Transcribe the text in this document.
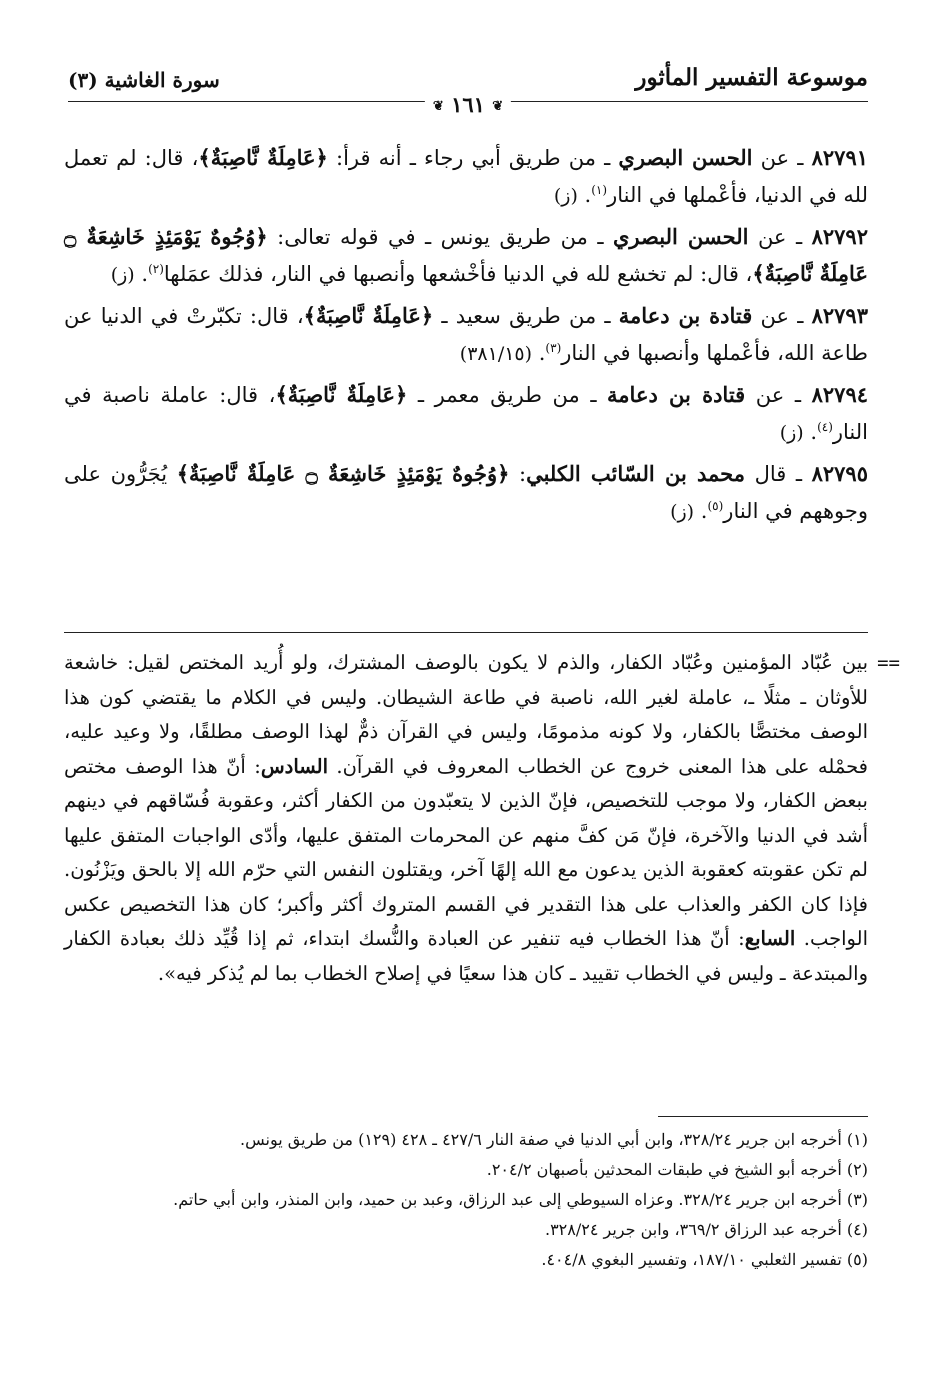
موسوعة التفسير المأثور
سورة الغاشية (٣)
❦ ١٦١ ❦

٨٢٧٩١ ـ عن الحسن البصري ـ من طريق أبي رجاء ـ أنه قرأ: ﴿عَامِلَةٌ نَّاصِبَةٌ﴾، قال: لم تعمل لله في الدنيا، فأعْملها في النار$^{(١)}$. (ز)

٨٢٧٩٢ ـ عن الحسن البصري ـ من طريق يونس ـ في قوله تعالى: ﴿وُجُوهٌ يَوْمَئِذٍ خَاشِعَةٌ ۝ عَامِلَةٌ نَّاصِبَةٌ﴾، قال: لم تخشع لله في الدنيا فأخْشعها وأنصبها في النار، فذلك عمَلها$^{(٢)}$. (ز)

٨٢٧٩٣ ـ عن قتادة بن دعامة ـ من طريق سعيد ـ ﴿عَامِلَةٌ نَّاصِبَةٌ﴾، قال: تكبّرتْ في الدنيا عن طاعة الله، فأعْملها وأنصبها في النار$^{(٣)}$. (٣٨١/١٥)

٨٢٧٩٤ ـ عن قتادة بن دعامة ـ من طريق معمر ـ ﴿عَامِلَةٌ نَّاصِبَةٌ﴾، قال: عاملة ناصبة في النار$^{(٤)}$. (ز)

٨٢٧٩٥ ـ قال محمد بن السّائب الكلبي: ﴿وُجُوهٌ يَوْمَئِذٍ خَاشِعَةٌ ۝ عَامِلَةٌ نَّاصِبَةٌ﴾ يُجَرُّون على وجوههم في النار$^{(٥)}$. (ز)

==
بين عُبّاد المؤمنين وعُبّاد الكفار، والذم لا يكون بالوصف المشترك، ولو أُريد المختص لقيل: خاشعة للأوثان ـ مثلًا ـ، عاملة لغير الله، ناصبة في طاعة الشيطان. وليس في الكلام ما يقتضي كون هذا الوصف مختصًّا بالكفار، ولا كونه مذمومًا، وليس في القرآن ذمٌّ لهذا الوصف مطلقًا، ولا وعيد عليه، فحمْله على هذا المعنى خروج عن الخطاب المعروف في القرآن. السادس: أنّ هذا الوصف مختص ببعض الكفار، ولا موجب للتخصيص، فإنّ الذين لا يتعبّدون من الكفار أكثر، وعقوبة فُسّاقهم في دينهم أشد في الدنيا والآخرة، فإنّ مَن كفَّ منهم عن المحرمات المتفق عليها، وأدّى الواجبات المتفق عليها لم تكن عقوبته كعقوبة الذين يدعون مع الله إلهًا آخر، ويقتلون النفس التي حرّم الله إلا بالحق ويَزْنُون. فإذا كان الكفر والعذاب على هذا التقدير في القسم المتروك أكثر وأكبر؛ كان هذا التخصيص عكس الواجب. السابع: أنّ هذا الخطاب فيه تنفير عن العبادة والنُّسك ابتداء، ثم إذا قُيِّد ذلك بعبادة الكفار والمبتدعة ـ وليس في الخطاب تقييد ـ كان هذا سعيًا في إصلاح الخطاب بما لم يُذكر فيه».

(١) أخرجه ابن جرير ٣٢٨/٢٤، وابن أبي الدنيا في صفة النار ٤٢٧/٦ ـ ٤٢٨ (١٢٩) من طريق يونس.

(٢) أخرجه أبو الشيخ في طبقات المحدثين بأصبهان ٢٠٤/٢.

(٣) أخرجه ابن جرير ٣٢٨/٢٤. وعزاه السيوطي إلى عبد الرزاق، وعبد بن حميد، وابن المنذر، وابن أبي حاتم.

(٤) أخرجه عبد الرزاق ٣٦٩/٢، وابن جرير ٣٢٨/٢٤.

(٥) تفسير الثعلبي ١٨٧/١٠، وتفسير البغوي ٤٠٤/٨.
